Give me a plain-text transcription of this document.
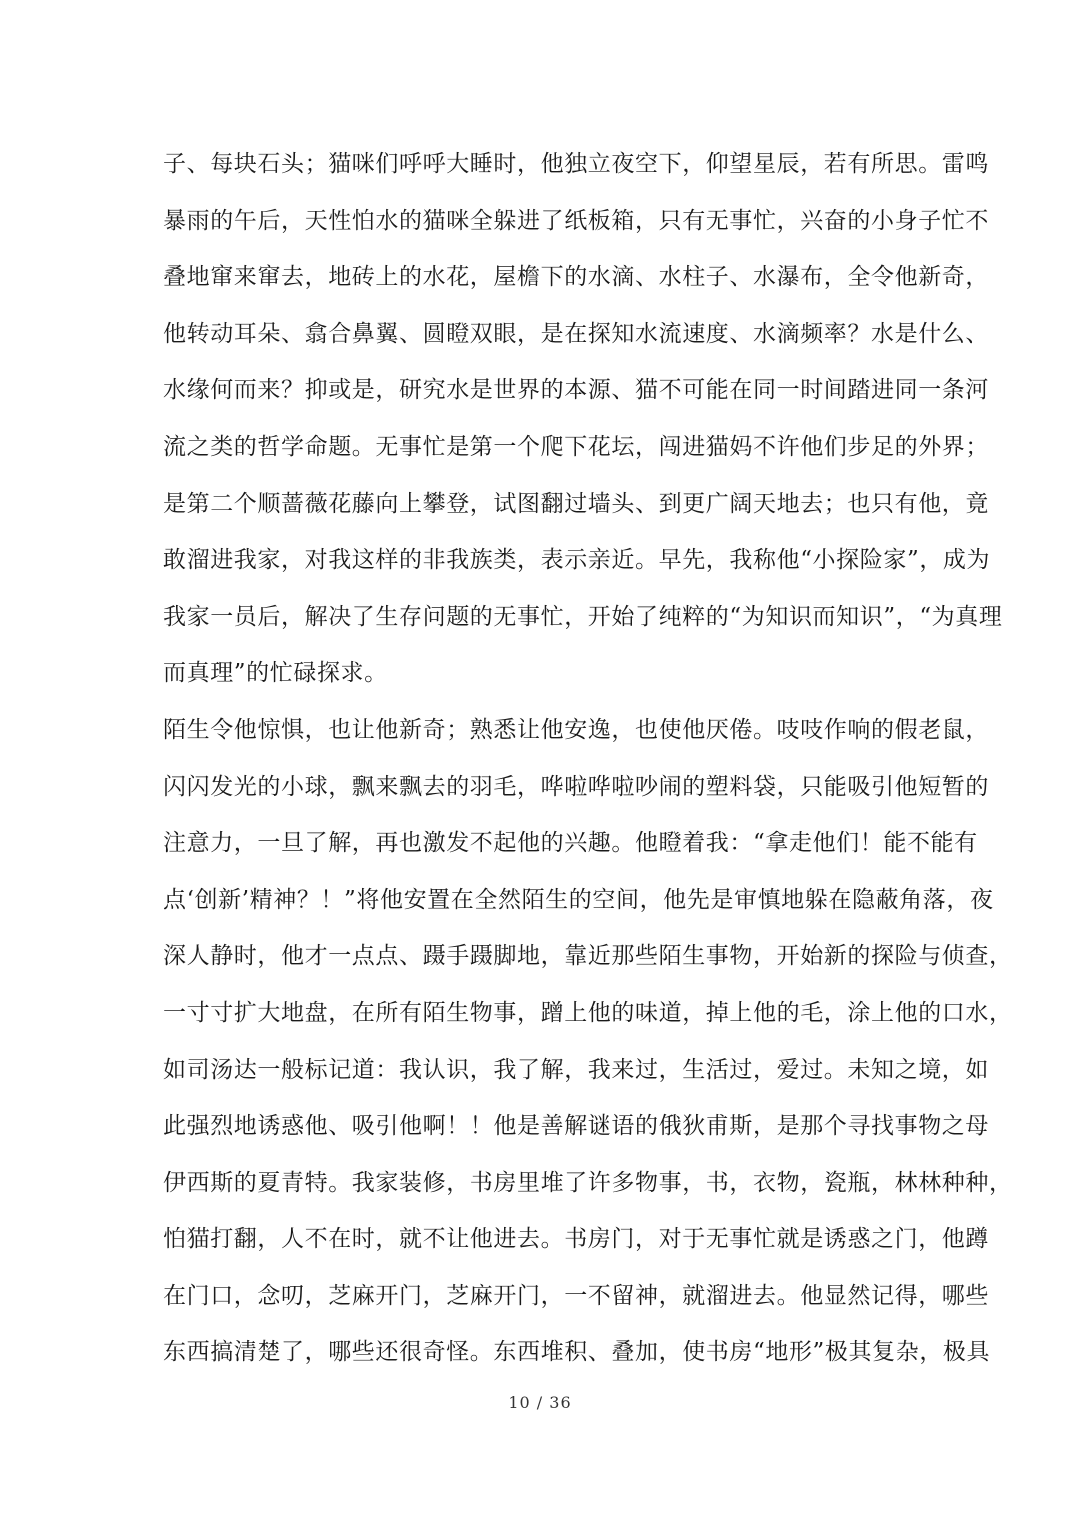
子、每块石头；猫咪们呼呼大睡时，他独立夜空下，仰望星辰，若有所思。雷鸣
暴雨的午后，天性怕水的猫咪全躲进了纸板箱，只有无事忙，兴奋的小身子忙不
叠地窜来窜去，地砖上的水花，屋檐下的水滴、水柱子、水瀑布，全令他新奇，
他转动耳朵、翕合鼻翼、圆瞪双眼，是在探知水流速度、水滴频率？水是什么、
水缘何而来？抑或是，研究水是世界的本源、猫不可能在同一时间踏进同一条河
流之类的哲学命题。无事忙是第一个爬下花坛，闯进猫妈不许他们步足的外界；
是第二个顺蔷薇花藤向上攀登，试图翻过墙头、到更广阔天地去；也只有他，竟
敢溜进我家，对我这样的非我族类，表示亲近。早先，我称他“小探险家”，成为
我家一员后，解决了生存问题的无事忙，开始了纯粹的“为知识而知识”，“为真理
而真理”的忙碌探求。
陌生令他惊惧，也让他新奇；熟悉让他安逸，也使他厌倦。吱吱作响的假老鼠，
闪闪发光的小球，飘来飘去的羽毛，哗啦哗啦吵闹的塑料袋，只能吸引他短暂的
注意力，一旦了解，再也激发不起他的兴趣。他瞪着我：“拿走他们！能不能有
点‘创新’精神？！”将他安置在全然陌生的空间，他先是审慎地躲在隐蔽角落，夜
深人静时，他才一点点、蹑手蹑脚地，靠近那些陌生事物，开始新的探险与侦查，
一寸寸扩大地盘，在所有陌生物事，蹭上他的味道，掉上他的毛，涂上他的口水，
如司汤达一般标记道：我认识，我了解，我来过，生活过，爱过。未知之境，如
此强烈地诱惑他、吸引他啊！！他是善解谜语的俄狄甫斯，是那个寻找事物之母
伊西斯的夏青特。我家装修，书房里堆了许多物事，书，衣物，瓷瓶，林林种种，
怕猫打翻，人不在时，就不让他进去。书房门，对于无事忙就是诱惑之门，他蹲
在门口，念叨，芝麻开门，芝麻开门，一不留神，就溜进去。他显然记得，哪些
东西搞清楚了，哪些还很奇怪。东西堆积、叠加，使书房“地形”极其复杂，极具
10 / 36
